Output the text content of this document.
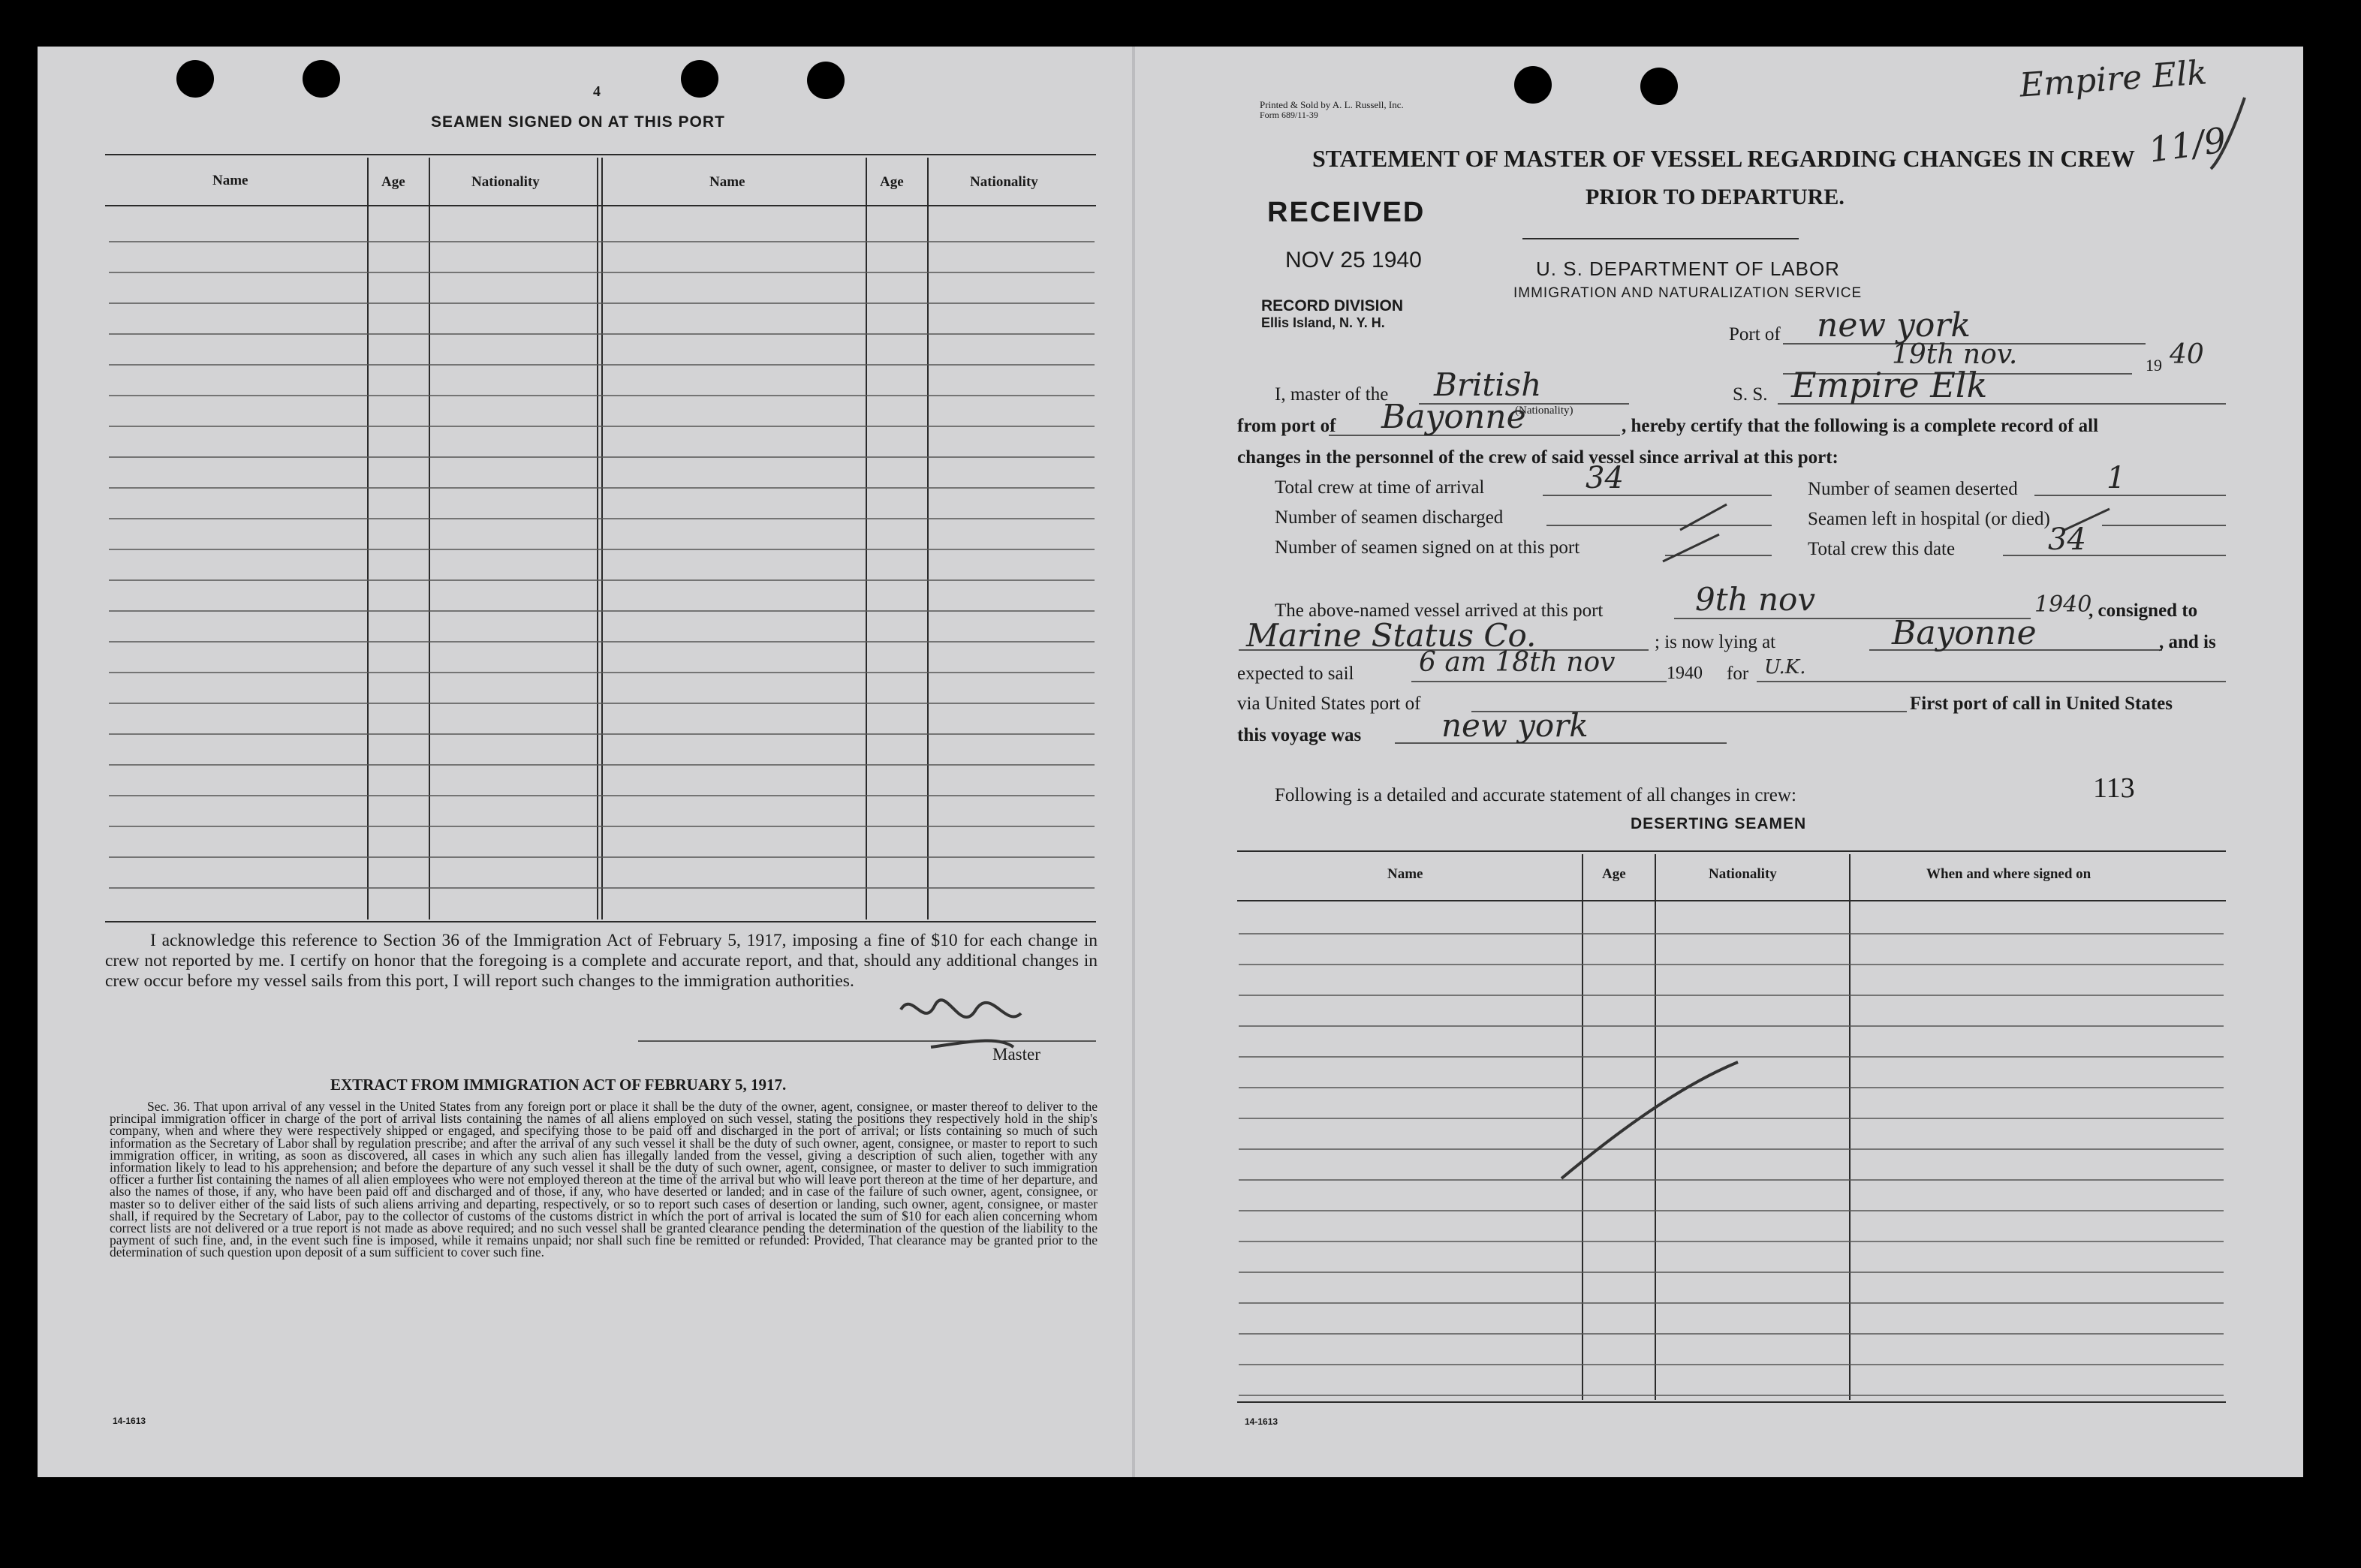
4
SEAMEN SIGNED ON AT THIS PORT
Name	Age	Nationality	Name	Age	Nationality
I acknowledge this reference to Section 36 of the Immigration Act of February 5, 1917, imposing a fine of $10 for each change in crew not reported by me. I certify on honor that the foregoing is a complete and accurate report, and that, should any additional changes in crew occur before my vessel sails from this port, I will report such changes to the immigration authorities.
Master
EXTRACT FROM IMMIGRATION ACT OF FEBRUARY 5, 1917.
Sec. 36. That upon arrival of any vessel in the United States from any foreign port or place it shall be the duty of the owner, agent, consignee, or master thereof to deliver to the principal immigration officer in charge of the port of arrival lists containing the names of all aliens employed on such vessel, stating the positions they respectively hold in the ship's company, when and where they were respectively shipped or engaged, and specifying those to be paid off and discharged in the port of arrival; or lists containing so much of such information as the Secretary of Labor shall by regulation prescribe; and after the arrival of any such vessel it shall be the duty of such owner, agent, consignee, or master to report to such immigration officer, in writing, as soon as discovered, all cases in which any such alien has illegally landed from the vessel, giving a description of such alien, together with any information likely to lead to his apprehension; and before the departure of any such vessel it shall be the duty of such owner, agent, consignee, or master to deliver to such immigration officer a further list containing the names of all alien employees who were not employed thereon at the time of the arrival but who will leave port thereon at the time of her departure, and also the names of those, if any, who have been paid off and discharged and of those, if any, who have deserted or landed; and in case of the failure of such owner, agent, consignee, or master so to deliver either of the said lists of such aliens arriving and departing, respectively, or so to report such cases of desertion or landing, such owner, agent, consignee, or master shall, if required by the Secretary of Labor, pay to the collector of customs of the customs district in which the port of arrival is located the sum of $10 for each alien concerning whom correct lists are not delivered or a true report is not made as above required; and no such vessel shall be granted clearance pending the determination of the question of the liability to the payment of such fine, and, in the event such fine is imposed, while it remains unpaid; nor shall such fine be remitted or refunded: Provided, That clearance may be granted prior to the determination of such question upon deposit of a sum sufficient to cover such fine.
14-1613
Printed & Sold by A. L. Russell, Inc.
Form 689/11-39
STATEMENT OF MASTER OF VESSEL REGARDING CHANGES IN CREW
PRIOR TO DEPARTURE.
RECEIVED
NOV 25 1940
RECORD DIVISION
Ellis Island, N. Y. H.
U. S. DEPARTMENT OF LABOR
IMMIGRATION AND NATURALIZATION SERVICE
Port of new york
19th nov.	19 40
I, master of the British
(Nationality)
S. S. Empire Elk
from port of Bayonne	, hereby certify that the following is a complete record of all
changes in the personnel of the crew of said vessel since arrival at this port:
Total crew at time of arrival	34	Number of seamen deserted	1
Number of seamen discharged	Seamen left in hospital (or died)
Number of seamen signed on at this port	Total crew this date	34
The above-named vessel arrived at this port	9th nov	1940
, consigned to
Marine Status Co.	; is now lying at	Bayonne	, and is
expected to sail 6 am 18th nov	1940 for U.K.
via United States port of	First port of call in United States
this voyage was	new york
Following is a detailed and accurate statement of all changes in crew:	113
DESERTING SEAMEN
Name	Age	Nationality	When and where signed on
14-1613
Empire Elk
11/9
